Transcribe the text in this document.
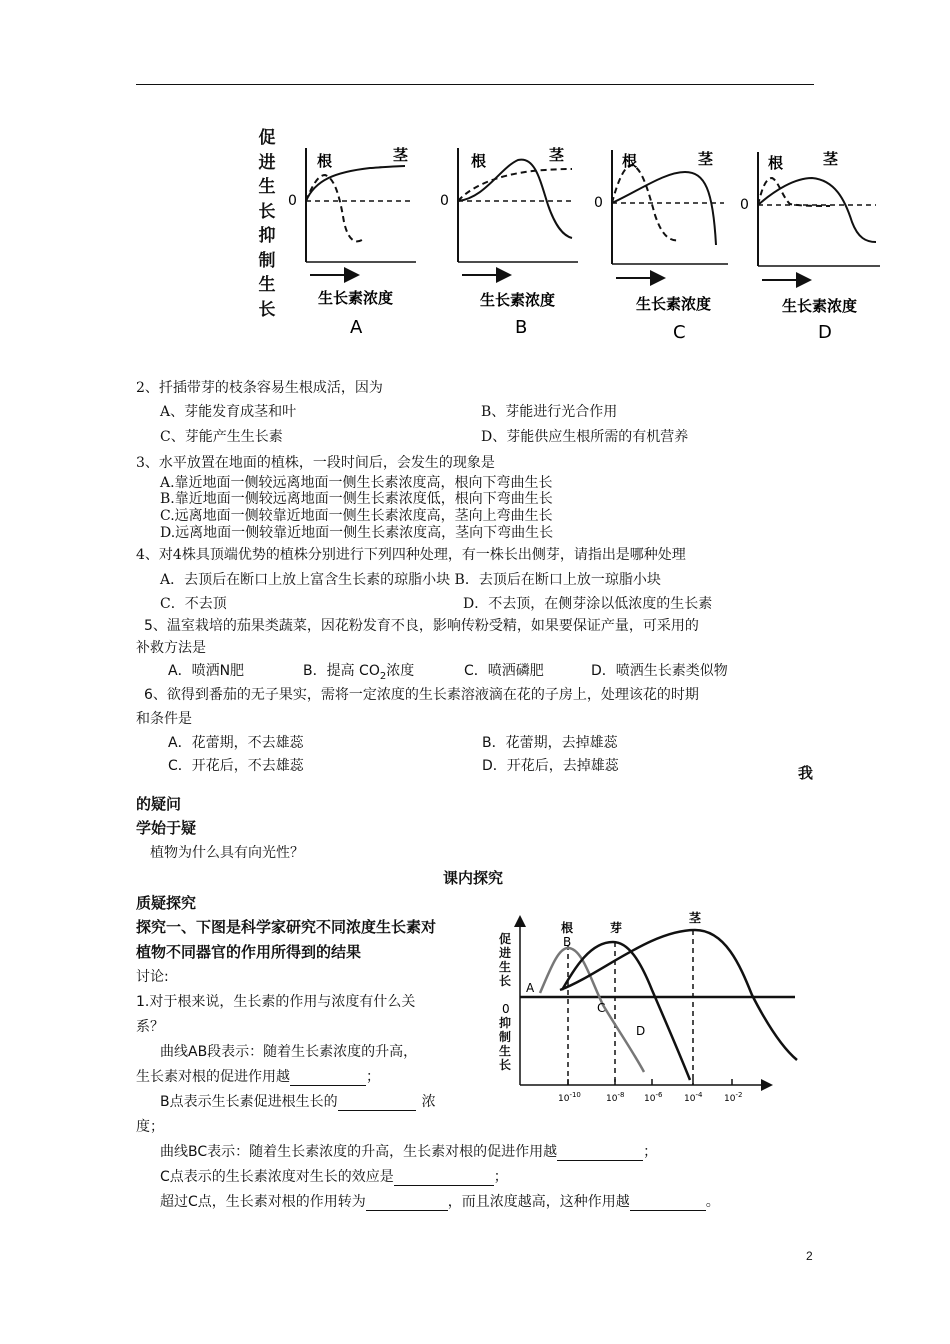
促
进
生
长
抑
制
生
长
0
根	茎
生长素浓度
A
0
根	茎
生长素浓度
B
0
根	茎
生长素浓度
C
0
根	茎
生长素浓度
D
2、扦插带芽的枝条容易生根成活，因为
A、芽能发育成茎和叶	B、芽能进行光合作用
C、芽能产生生长素	D、芽能供应生根所需的有机营养
3、水平放置在地面的植株，一段时间后，会发生的现象是
A.靠近地面一侧较远离地面一侧生长素浓度高，根向下弯曲生长
B.靠近地面一侧较远离地面一侧生长素浓度低，根向下弯曲生长
C.远离地面一侧较靠近地面一侧生长素浓度高，茎向上弯曲生长
D.远离地面一侧较靠近地面一侧生长素浓度高，茎向下弯曲生长
4、对4株具顶端优势的植株分别进行下列四种处理，有一株长出侧芽，请指出是哪种处理
A．去顶后在断口上放上富含生长素的琼脂小块 B．去顶后在断口上放一琼脂小块
C．不去顶	D．不去顶，在侧芽涂以低浓度的生长素
5、温室栽培的茄果类蔬菜，因花粉发育不良，影响传粉受精，如果要保证产量，可采用的
补救方法是
A．喷洒N肥	B．提高 $CO_2$浓度	C．喷洒磷肥	D．喷洒生长素类似物
6、欲得到番茄的无子果实，需将一定浓度的生长素溶液滴在花的子房上，处理该花的时期
和条件是
A．花蕾期，不去雄蕊	B．花蕾期，去掉雄蕊
C．开花后，不去雄蕊	D．开花后，去掉雄蕊	我
的疑问
学始于疑
植物为什么具有向光性？
课内探究
质疑探究
探究一、下图是科学家研究不同浓度生长素对
植物不同器官的作用所得到的结果
讨论:
1.对于根来说，生长素的作用与浓度有什么关
系？
曲线AB段表示：随着生长素浓度的升高，
生长素对根的促进作用越	；
B点表示生长素促进根生长的	浓
度；
曲线BC表示：随着生长素浓度的升高，生长素对根的促进作用越	；
C点表示的生长素浓度对生长的效应是	；
超过C点，生长素对根的作用转为	，而且浓度越高，这种作用越	。
促
进
生
长
抑
制
生
长
根	芽
茎
A
B
C
D
0
$10^{-10}$	$10^{-8}$ $10^{-6}$ $10^{-4}$ $10^{-2}$
2
